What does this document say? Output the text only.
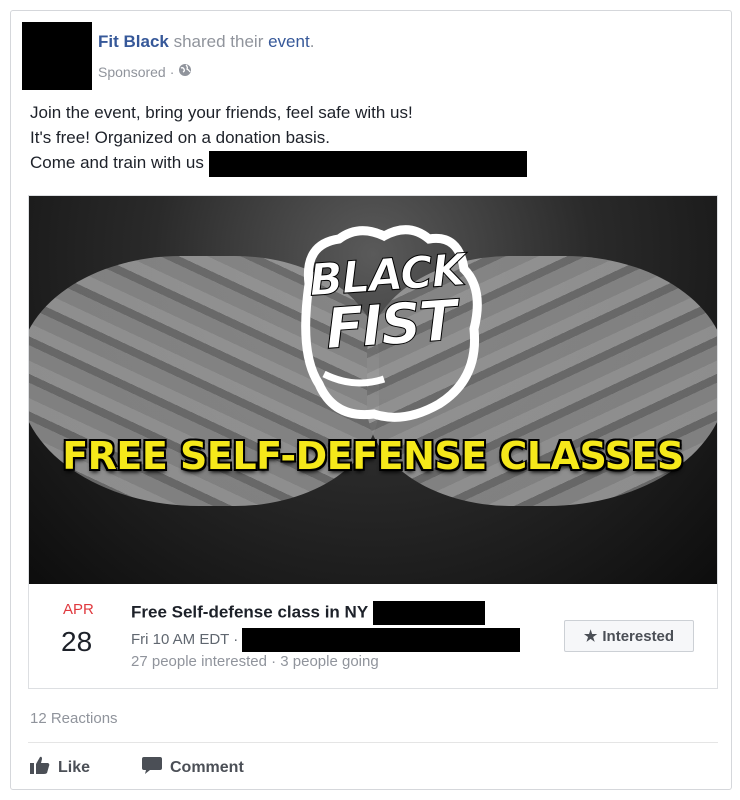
Fit Black shared their event.
Sponsored ·
Join the event, bring your friends, feel safe with us!
It's free! Organized on a donation basis.
Come and train with us
BLACK
FIST
FREE SELF-DEFENSE CLASSES
APR
28
Free Self-defense class in NY
Fri 10 AM EDT ·
27 people interested · 3 people going
★ Interested
12 Reactions
Like	Comment
